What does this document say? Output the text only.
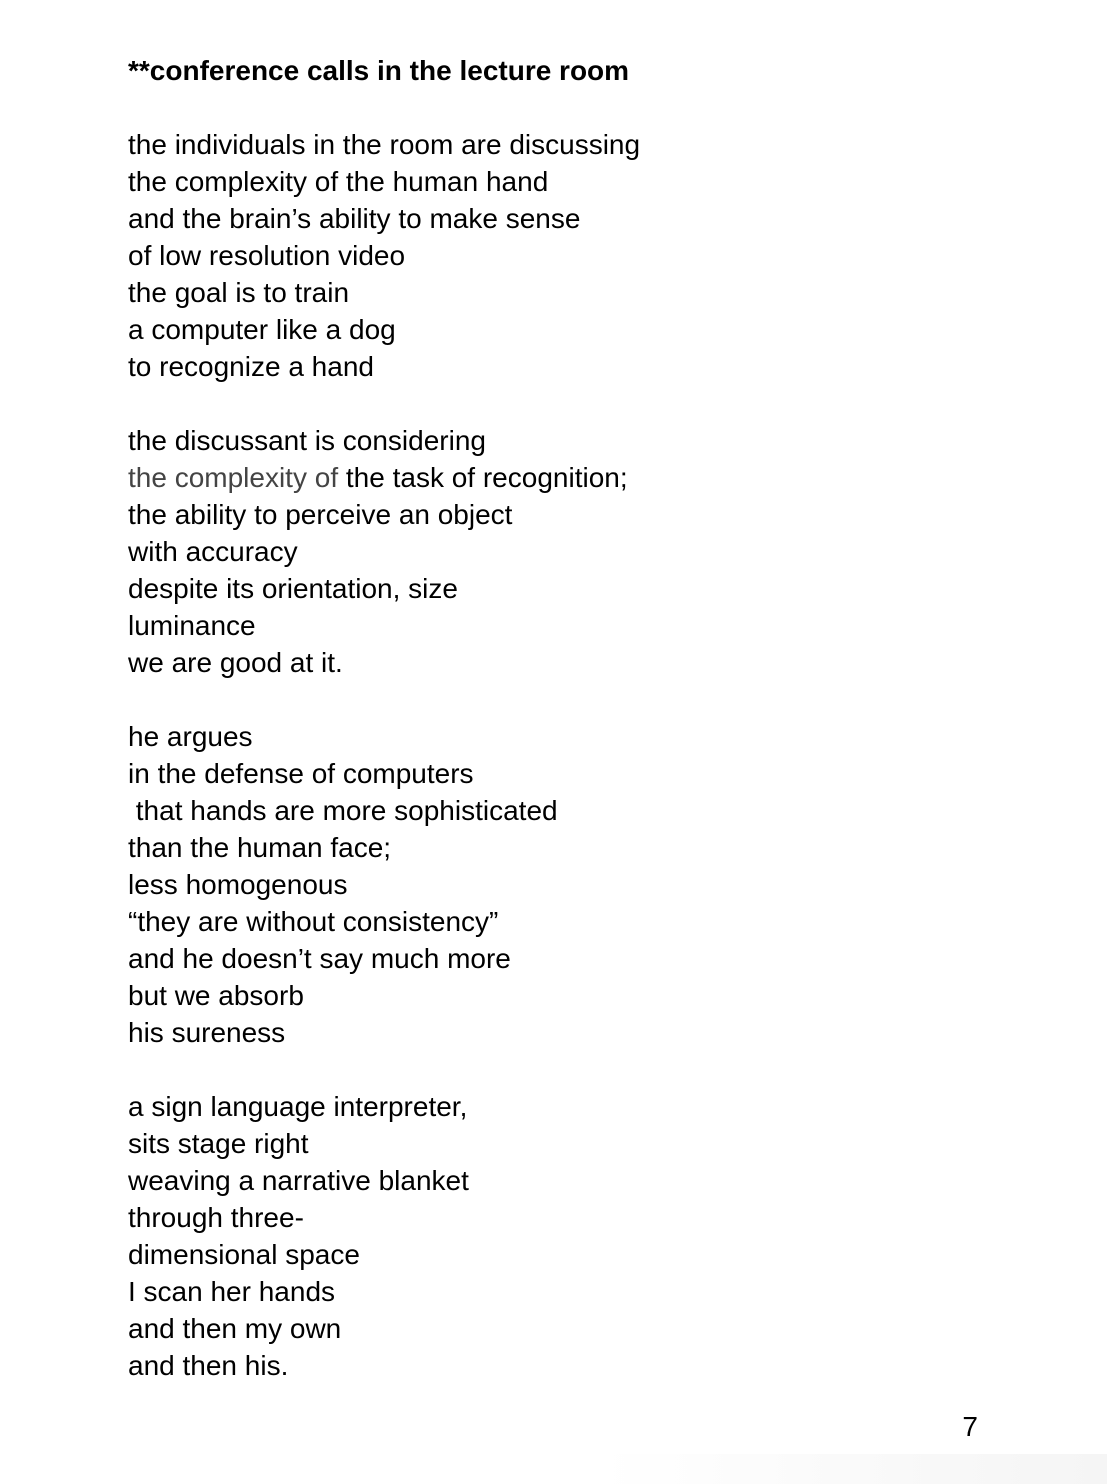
**conference calls in the lecture room
the individuals in the room are discussing
the complexity of the human hand
and the brain’s ability to make sense
of low resolution video
the goal is to train
a computer like a dog
to recognize a hand
the discussant is considering
the complexity of the task of recognition;
the ability to perceive an object
with accuracy
despite its orientation, size
luminance
we are good at it.
he argues
in the defense of computers
that hands are more sophisticated
than the human face;
less homogenous
“they are without consistency”
and he doesn’t say much more
but we absorb
his sureness
a sign language interpreter,
sits stage right
weaving a narrative blanket
through three-
dimensional space
I scan her hands
and then my own
and then his.
7
